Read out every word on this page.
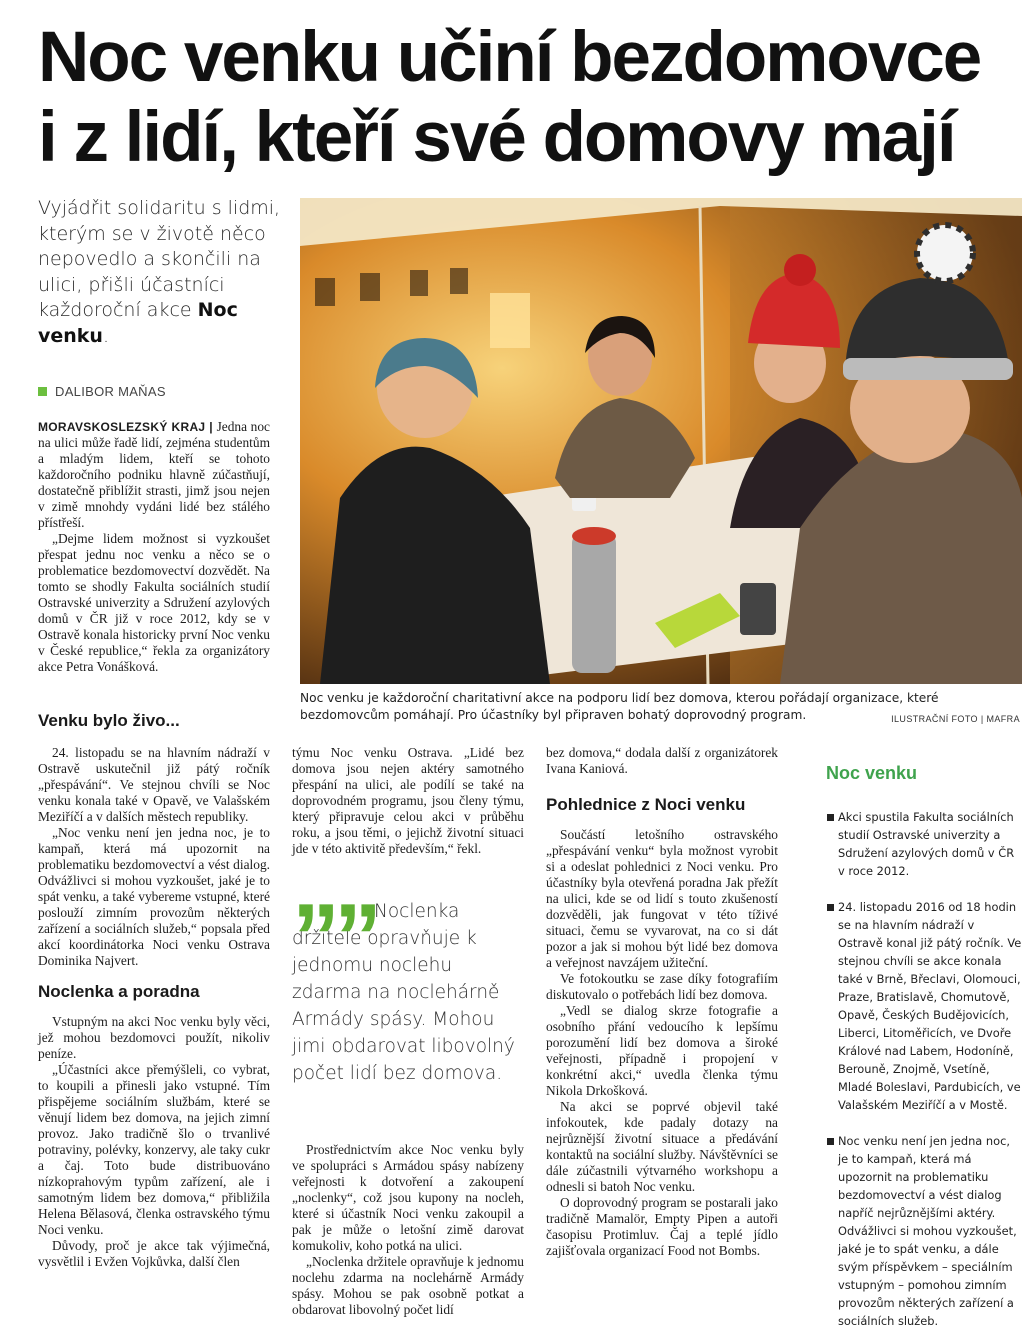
Noc venku učiní bezdomovce
i z lidí, kteří své domovy mají
Vyjádřit solidaritu s lidmi, kterým se v životě něco nepovedlo a skončili na ulici, přišli účastníci každoroční akce Noc venku.
DALIBOR MAŇAS

MORAVSKOSLEZSKÝ KRAJ | Jedna noc na ulici může řadě lidí, zejména studentům a mladým lidem, kteří se tohoto každoročního podniku hlavně zúčastňují, dostatečně přiblížit strasti, jimž jsou nejen v zimě mnohdy vydáni lidé bez stálého přístřeší.

„Dejme lidem možnost si vyzkoušet přespat jednu noc venku a něco se o problematice bezdomovectví dozvědět. Na tomto se shodly Fakulta sociálních studií Ostravské univerzity a Sdružení azylových domů v ČR již v roce 2012, kdy se v Ostravě konala historicky první Noc venku v České republice,“ řekla za organizátory akce Petra Vonášková.

Venku bylo živo...
Noc venku je každoroční charitativní akce na podporu lidí bez domova, kterou pořádají organizace, které bezdomovcům pomáhají. Pro účastníky byl připraven bohatý doprovodný program.	ILUSTRAČNÍ FOTO | MAFRA

24. listopadu se na hlavním nádraží v Ostravě uskutečnil již pátý ročník „přespávání“. Ve stejnou chvíli se Noc venku konala také v Opavě, ve Valašském Meziříčí a v dalších městech republiky.

„Noc venku není jen jedna noc, je to kampaň, která má upozornit na problematiku bezdomovectví a vést dialog. Odvážlivci si mohou vyzkoušet, jaké je to spát venku, a také vybereme vstupné, které poslouží zimním provozům některých zařízení a sociálních služeb,“ popsala před akcí koordinátorka Noci venku Ostrava Dominika Najvert.

Noclenka a poradna

Vstupným na akci Noc venku byly věci, jež mohou bezdomovci použít, nikoliv peníze.

„Účastníci akce přemýšleli, co vybrat, to koupili a přinesli jako vstupné. Tím přispějeme sociálním službám, které se věnují lidem bez domova, na jejich zimní provoz. Jako tradičně šlo o trvanlivé potraviny, polévky, konzervy, ale taky cukr a čaj. Toto bude distribuováno nízkoprahovým typům zařízení, ale i samotným lidem bez domova,“ přibližila Helena Bělasová, členka ostravského týmu Noci venku.

Důvody, proč je akce tak výjimečná, vysvětlil i Evžen Vojkůvka, další člen

týmu Noc venku Ostrava. „Lidé bez domova jsou nejen aktéry samotného přespání na ulici, ale podílí se také na doprovodném programu, jsou členy týmu, který připravuje celou akci v průběhu roku, a jsou těmi, o jejichž životní situaci jde v této aktivitě především,“ řekl.

””
Noclenka držitele opravňuje k jednomu noclehu zdarma na noclehárně Armády spásy. Mohou jimi obdarovat libovolný počet lidí bez domova.

Prostřednictvím akce Noc venku byly ve spolupráci s Armádou spásy nabízeny veřejnosti k dotvoření a zakoupení „noclenky“, což jsou kupony na nocleh, které si účastník Noci venku zakoupil a pak je může o letošní zimě darovat komukoliv, koho potká na ulici.

„Noclenka držitele opravňuje k jednomu noclehu zdarma na noclehárně Armády spásy. Mohou se pak osobně potkat a obdarovat libovolný počet lidí

bez domova,“ dodala další z organizátorek Ivana Kaniová.

Pohlednice z Noci venku

Součástí letošního ostravského „přespávání venku“ byla možnost vyrobit si a odeslat pohlednici z Noci venku. Pro účastníky byla otevřená poradna Jak přežít na ulici, kde se od lidí s touto zkušeností dozvěděli, jak fungovat v této tíživé situaci, čemu se vyvarovat, na co si dát pozor a jak si mohou být lidé bez domova a veřejnost navzájem užiteční.

Ve fotokoutku se zase díky fotografiím diskutovalo o potřebách lidí bez domova.

„Vedl se dialog skrze fotografie a osobního přání vedoucího k lepšímu porozumění lidí bez domova a široké veřejnosti, případně i propojení v konkrétní akci,“ uvedla členka týmu Nikola Drkošková.

Na akci se poprvé objevil také infokoutek, kde padaly dotazy na nejrůznější životní situace a předávání kontaktů na sociální služby. Návštěvníci se dále zúčastnili výtvarného workshopu a odnesli si batoh Noc venku.

O doprovodný program se postarali jako tradičně Mamalör, Empty Pipen a autoři časopisu Protimluv. Čaj a teplé jídlo zajišťovala organizací Food not Bombs.

Noc venku
Akci spustila Fakulta sociálních studií Ostravské univerzity a Sdružení azylových domů v ČR v roce 2012.
24. listopadu 2016 od 18 hodin se na hlavním nádraží v Ostravě konal již pátý ročník. Ve stejnou chvíli se akce konala také v Brně, Břeclavi, Olomouci, Praze, Bratislavě, Chomutově, Opavě, Českých Budějovicích, Liberci, Litoměřicích, ve Dvoře Králové nad Labem, Hodoníně, Berouně, Znojmě, Vsetíně, Mladé Boleslavi, Pardubicích, ve Valašském Meziříčí a v Mostě.
Noc venku není jen jedna noc, je to kampaň, která má upozornit na problematiku bezdomovectví a vést dialog napříč nejrůznějšími aktéry. Odvážlivci si mohou vyzkoušet, jaké je to spát venku, a dále svým příspěvkem – speciálním vstupným – pomohou zimním provozům některých zařízení a sociálních služeb.
